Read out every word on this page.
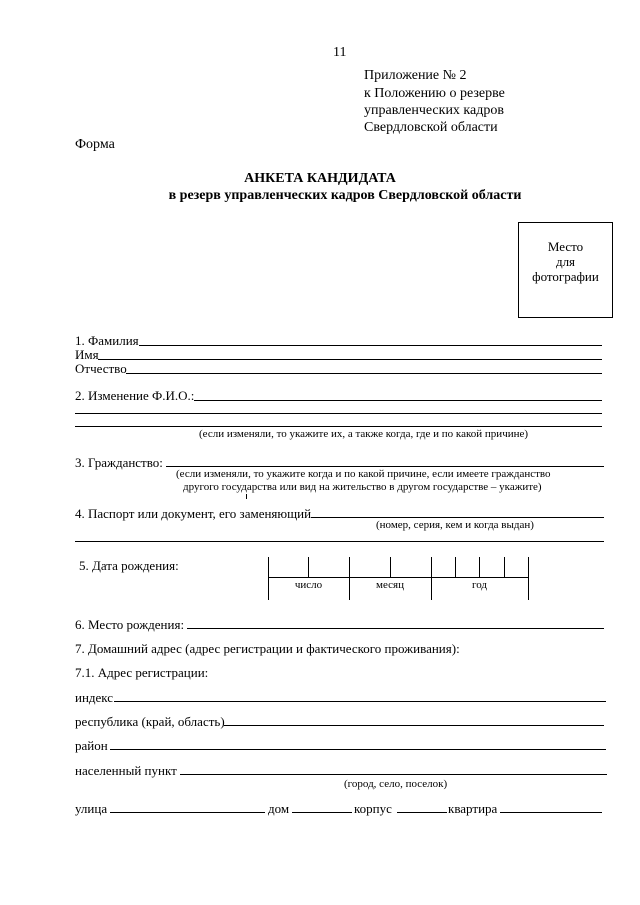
11
Приложение № 2
к Положению о резерве
управленческих кадров
Свердловской области
Форма
АНКЕТА КАНДИДАТА
в резерв управленческих кадров Свердловской области
Место
для
фотографии
1. Фамилия
Имя
Отчество
2. Изменение Ф.И.О.:
(если изменяли, то укажите их, а также когда, где и по какой причине)
3. Гражданство:
(если изменяли, то укажите когда и по какой причине, если имеете гражданство
другого государства или вид на жительство в другом государстве – укажите)
4. Паспорт или документ, его заменяющий
(номер, серия, кем и когда выдан)
5. Дата рождения:
число	месяц	год
6. Место рождения:
7. Домашний адрес (адрес регистрации и фактического проживания):
7.1. Адрес регистрации:
индекс
республика (край, область)
район
населенный пункт
(город, село, поселок)
улица	дом	корпус	квартира
